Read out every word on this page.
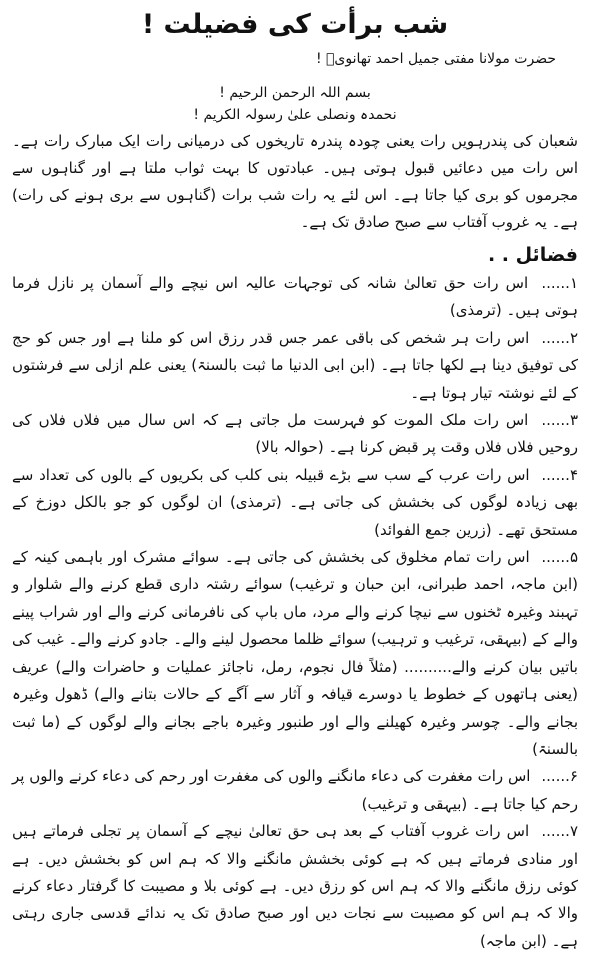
شب برأت کی فضیلت !
حضرت مولانا مفتی جمیل احمد تھانویؒ !
بسم اللہ الرحمن الرحیم !
نحمدہ ونصلی علیٰ رسولہ الکریم !

شعبان کی پندرہویں رات یعنی چودہ پندرہ تاریخوں کی درمیانی رات ایک مبارک رات ہے۔ اس رات میں دعائیں قبول ہوتی ہیں۔ عبادتوں کا بہت ثواب ملتا ہے اور گناہوں سے مجرموں کو بری کیا جاتا ہے۔ اس لئے یہ رات شب برات (گناہوں سے بری ہونے کی رات) ہے۔ یہ غروب آفتاب سے صبح صادق تک ہے۔

فضائل . .
۱...... اس رات حق تعالیٰ شانہ کی توجہات عالیہ اس نیچے والے آسمان پر نازل فرما ہوتی ہیں۔ (ترمذی)
۲...... اس رات ہر شخص کی باقی عمر جس قدر رزق اس کو ملنا ہے اور جس کو حج کی توفیق دینا ہے لکھا جاتا ہے۔ (ابن ابی الدنیا ما ثبت بالسنۃ) یعنی علم ازلی سے فرشتوں کے لئے نوشتہ تیار ہوتا ہے۔
۳...... اس رات ملک الموت کو فہرست مل جاتی ہے کہ اس سال میں فلاں فلاں کی روحیں فلاں فلاں وقت پر قبض کرنا ہے۔ (حوالہ بالا)
۴...... اس رات عرب کے سب سے بڑے قبیلہ بنی کلب کی بکریوں کے بالوں کی تعداد سے بھی زیادہ لوگوں کی بخشش کی جاتی ہے۔ (ترمذی) ان لوگوں کو جو بالکل دوزخ کے مستحق تھے۔ (زرین جمع الفوائد)
۵...... اس رات تمام مخلوق کی بخشش کی جاتی ہے۔ سوائے مشرک اور باہمی کینہ کے (ابن ماجہ، احمد طبرانی، ابن حبان و ترغیب) سوائے رشتہ داری قطع کرنے والے شلوار و تہبند وغیرہ ٹخنوں سے نیچا کرنے والے مرد، ماں باپ کی نافرمانی کرنے والے اور شراب پینے والے کے (بیہقی، ترغیب و ترہیب) سوائے ظلما محصول لینے والے۔ جادو کرنے والے۔ غیب کی باتیں بیان کرنے والے.......... (مثلاً فال نجوم، رمل، ناجائز عملیات و حاضرات والے) عریف (یعنی ہاتھوں کے خطوط یا دوسرے قیافہ و آثار سے آگے کے حالات بتانے والے) ڈھول وغیرہ بجانے والے۔ چوسر وغیرہ کھیلنے والے اور طنبور وغیرہ باجے بجانے والے لوگوں کے (ما ثبت بالسنۃ)
۶...... اس رات مغفرت کی دعاء مانگنے والوں کی مغفرت اور رحم کی دعاء کرنے والوں پر رحم کیا جاتا ہے۔ (بیہقی و ترغیب)
۷...... اس رات غروب آفتاب کے بعد ہی حق تعالیٰ نیچے کے آسمان پر تجلی فرماتے ہیں اور منادی فرماتے ہیں کہ ہے کوئی بخشش مانگنے والا کہ ہم اس کو بخشش دیں۔ ہے کوئی رزق مانگنے والا کہ ہم اس کو رزق دیں۔ ہے کوئی بلا و مصیبت کا گرفتار دعاء کرنے والا کہ ہم اس کو مصیبت سے نجات دیں اور صبح صادق تک یہ ندائے قدسی جاری رہتی ہے۔ (ابن ماجہ)
